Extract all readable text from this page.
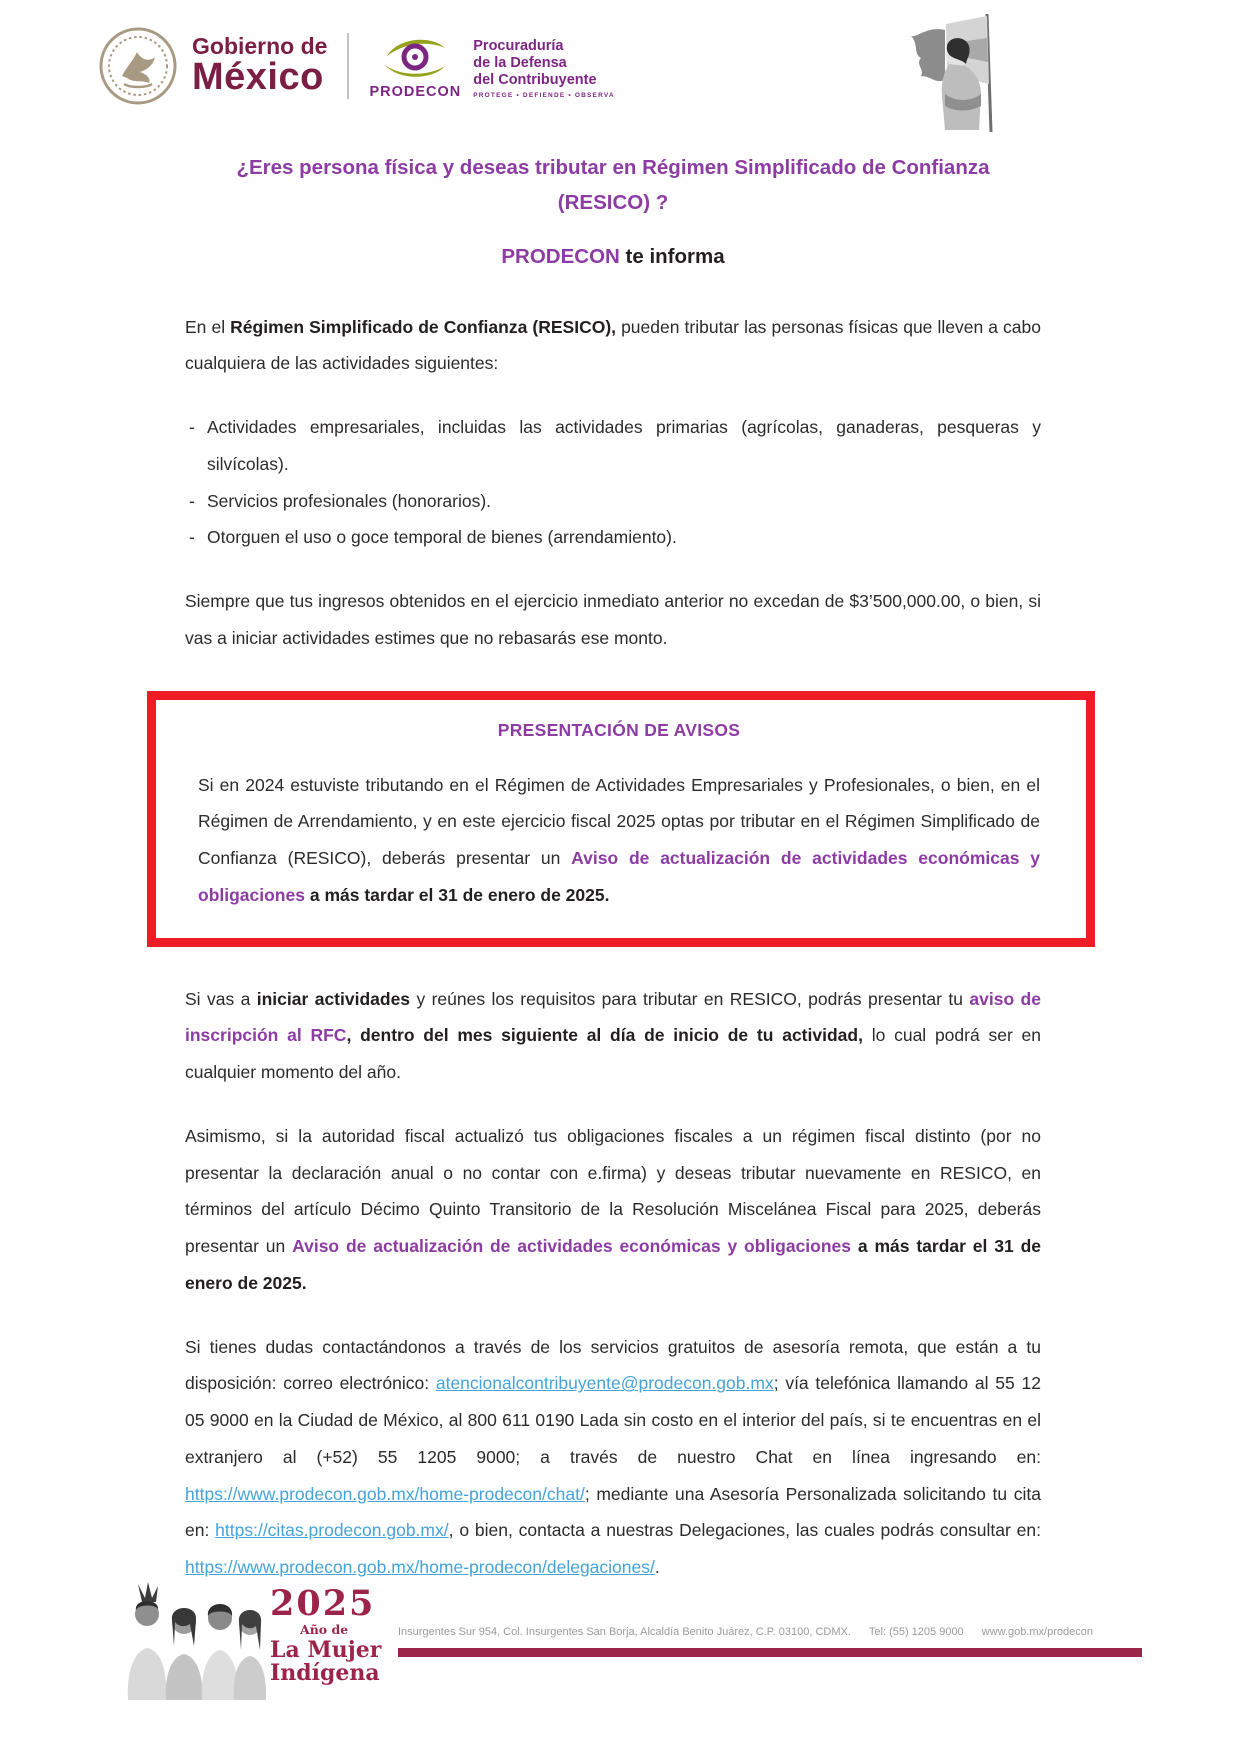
Gobierno de
México	PRODECON
Procuraduría
de la Defensa
del Contribuyente
PROTEGE • DEFIENDE • OBSERVA
¿Eres persona física y deseas tributar en Régimen Simplificado de Confianza (RESICO) ?
PRODECON te informa

En el Régimen Simplificado de Confianza (RESICO), pueden tributar las personas físicas que lleven a cabo cualquiera de las actividades siguientes:

- Actividades empresariales, incluidas las actividades primarias (agrícolas, ganaderas, pesqueras y silvícolas).
- Servicios profesionales (honorarios).
- Otorguen el uso o goce temporal de bienes (arrendamiento).

Siempre que tus ingresos obtenidos en el ejercicio inmediato anterior no excedan de $3’500,000.00, o bien, si vas a iniciar actividades estimes que no rebasarás ese monto.

PRESENTACIÓN DE AVISOS

Si en 2024 estuviste tributando en el Régimen de Actividades Empresariales y Profesionales, o bien, en el Régimen de Arrendamiento, y en este ejercicio fiscal 2025 optas por tributar en el Régimen Simplificado de Confianza (RESICO), deberás presentar un Aviso de actualización de actividades económicas y obligaciones a más tardar el 31 de enero de 2025.

Si vas a iniciar actividades y reúnes los requisitos para tributar en RESICO, podrás presentar tu aviso de inscripción al RFC, dentro del mes siguiente al día de inicio de tu actividad, lo cual podrá ser en cualquier momento del año.

Asimismo, si la autoridad fiscal actualizó tus obligaciones fiscales a un régimen fiscal distinto (por no presentar la declaración anual o no contar con e.firma) y deseas tributar nuevamente en RESICO, en términos del artículo Décimo Quinto Transitorio de la Resolución Miscelánea Fiscal para 2025, deberás presentar un Aviso de actualización de actividades económicas y obligaciones a más tardar el 31 de enero de 2025.

Si tienes dudas contactándonos a través de los servicios gratuitos de asesoría remota, que están a tu disposición: correo electrónico: atencionalcontribuyente@prodecon.gob.mx; vía telefónica llamando al 55 12 05 9000 en la Ciudad de México, al 800 611 0190 Lada sin costo en el interior del país, si te encuentras en el extranjero al (+52) 55 1205 9000; a través de nuestro Chat en línea ingresando en: https://www.prodecon.gob.mx/home-prodecon/chat/; mediante una Asesoría Personalizada solicitando tu cita en: https://citas.prodecon.gob.mx/, o bien, contacta a nuestras Delegaciones, las cuales podrás consultar en: https://www.prodecon.gob.mx/home-prodecon/delegaciones/.

2025
Año de
La Mujer
Indígena
Insurgentes Sur 954, Col. Insurgentes San Borja, Alcaldía Benito Juárez, C.P. 03100, CDMX. Tel: (55) 1205 9000 www.gob.mx/prodecon
